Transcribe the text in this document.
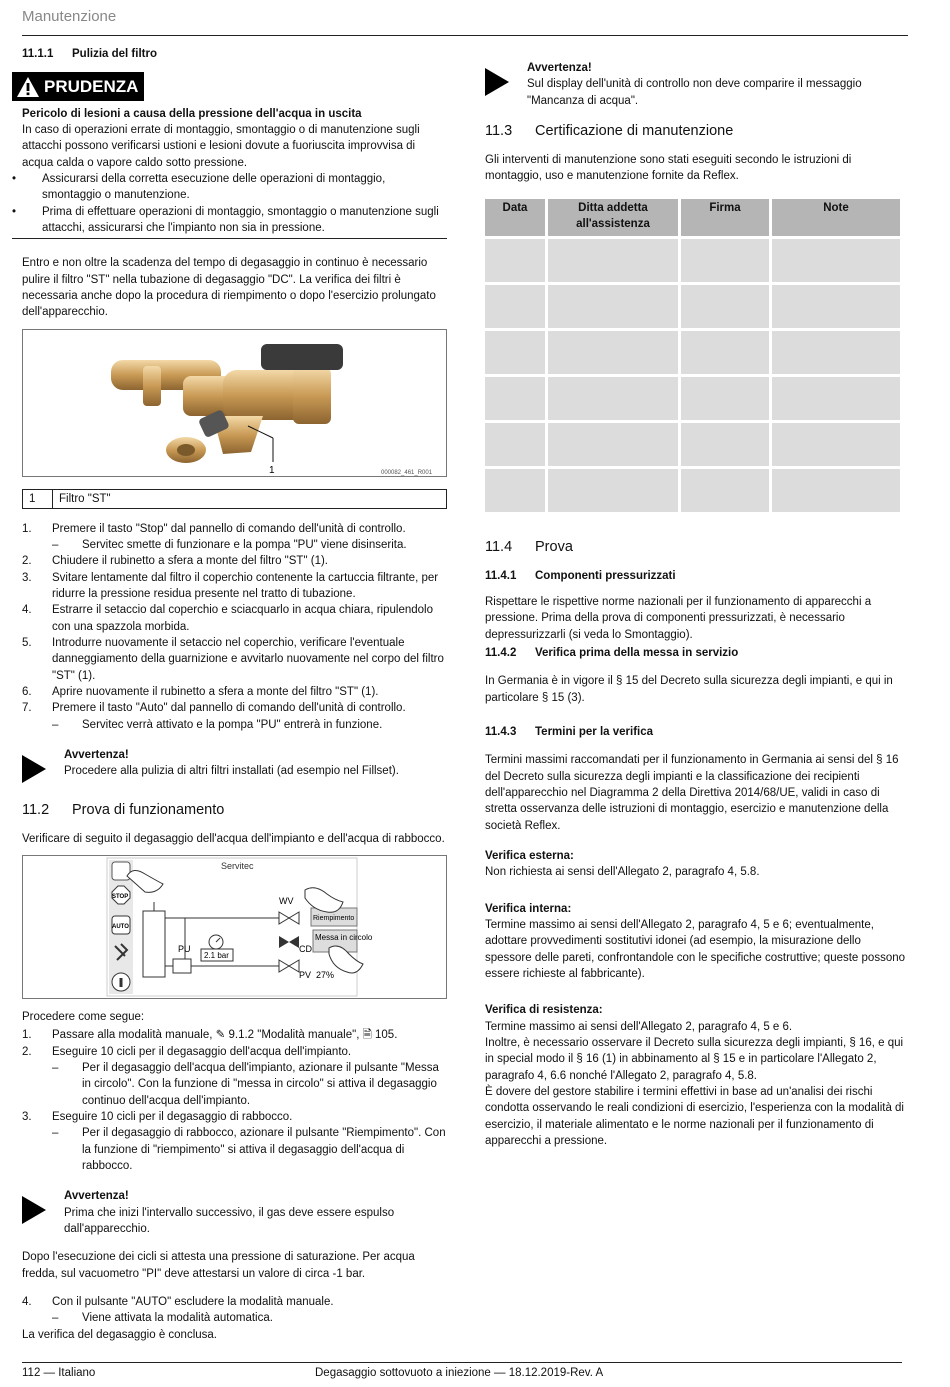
Manutenzione
11.1.1	Pulizia del filtro
PRUDENZA
Pericolo di lesioni a causa della pressione dell'acqua in uscita
In caso di operazioni errate di montaggio, smontaggio o di manutenzione sugli attacchi possono verificarsi ustioni e lesioni dovute a fuoriuscita improvvisa di acqua calda o vapore caldo sotto pressione.
•	Assicurarsi della corretta esecuzione delle operazioni di montaggio, smontaggio o manutenzione.
•	Prima di effettuare operazioni di montaggio, smontaggio o manutenzione sugli attacchi, assicurarsi che l'impianto non sia in pressione.

Entro e non oltre la scadenza del tempo di degasaggio in continuo è necessario pulire il filtro "ST" nella tubazione di degasaggio "DC". La verifica dei filtri è necessaria anche dopo la procedura di riempimento o dopo l'esercizio prolungato dell'apparecchio.

1	000082_461_R001
1	Filtro "ST"
1.	Premere il tasto "Stop" dal pannello di comando dell'unità di controllo.
–	Servitec smette di funzionare e la pompa "PU" viene disinserita.
2.	Chiudere il rubinetto a sfera a monte del filtro "ST" (1).
3.	Svitare lentamente dal filtro il coperchio contenente la cartuccia filtrante, per ridurre la pressione residua presente nel tratto di tubazione.
4.	Estrarre il setaccio dal coperchio e sciacquarlo in acqua chiara, ripulendolo con una spazzola morbida.
5.	Introdurre nuovamente il setaccio nel coperchio, verificare l'eventuale danneggiamento della guarnizione e avvitarlo nuovamente nel corpo del filtro "ST" (1).
6.	Aprire nuovamente il rubinetto a sfera a monte del filtro "ST" (1).
7.	Premere il tasto "Auto" dal pannello di comando dell'unità di controllo.
–	Servitec verrà attivato e la pompa "PU" entrerà in funzione.
Avvertenza!
Procedere alla pulizia di altri filtri installati (ad esempio nel Fillset).
11.2	Prova di funzionamento

Verificare di seguito il degasaggio dell'acqua dell'impianto e dell'acqua di rabbocco.

Servitec
STOP
AUTO
2.1 bar
PU
WV
CD
PV 27%
Riempimento
Messa in circolo

Procedere come segue:

1.	Passare alla modalità manuale, ✎ 9.1.2 "Modalità manuale", 🗎 105.
2.	Eseguire 10 cicli per il degasaggio dell'acqua dell'impianto.
–	Per il degasaggio dell'acqua dell'impianto, azionare il pulsante "Messa in circolo". Con la funzione di "messa in circolo" si attiva il degasaggio continuo dell'acqua dell'impianto.
3.	Eseguire 10 cicli per il degasaggio di rabbocco.
–	Per il degasaggio di rabbocco, azionare il pulsante "Riempimento". Con la funzione di "riempimento" si attiva il degasaggio dell'acqua di rabbocco.
Avvertenza!
Prima che inizi l'intervallo successivo, il gas deve essere espulso dall'apparecchio.

Dopo l'esecuzione dei cicli si attesta una pressione di saturazione. Per acqua fredda, sul vacuometro "PI" deve attestarsi un valore di circa -1 bar.

4.	Con il pulsante "AUTO" escludere la modalità manuale.
–	Viene attivata la modalità automatica.

La verifica del degasaggio è conclusa.

Avvertenza!
Sul display dell'unità di controllo non deve comparire il messaggio "Mancanza di acqua".
11.3	Certificazione di manutenzione

Gli interventi di manutenzione sono stati eseguiti secondo le istruzioni di montaggio, uso e manutenzione fornite da Reflex.

Data	Ditta addetta all'assistenza	Firma	Note

11.4	Prova
11.4.1	Componenti pressurizzati

Rispettare le rispettive norme nazionali per il funzionamento di apparecchi a pressione. Prima della prova di componenti pressurizzati, è necessario depressurizzarli (si veda lo Smontaggio).

11.4.2	Verifica prima della messa in servizio

In Germania è in vigore il § 15 del Decreto sulla sicurezza degli impianti, e qui in particolare § 15 (3).

11.4.3	Termini per la verifica

Termini massimi raccomandati per il funzionamento in Germania ai sensi del § 16 del Decreto sulla sicurezza degli impianti e la classificazione dei recipienti dell'apparecchio nel Diagramma 2 della Direttiva 2014/68/UE, validi in caso di stretta osservanza delle istruzioni di montaggio, esercizio e manutenzione della società Reflex.

Verifica esterna:
Non richiesta ai sensi dell'Allegato 2, paragrafo 4, 5.8.
Verifica interna:
Termine massimo ai sensi dell'Allegato 2, paragrafo 4, 5 e 6; eventualmente, adottare provvedimenti sostitutivi idonei (ad esempio, la misurazione dello spessore delle pareti, confrontandole con le specifiche costruttive; queste possono essere richieste al fabbricante).
Verifica di resistenza:
Termine massimo ai sensi dell'Allegato 2, paragrafo 4, 5 e 6.
Inoltre, è necessario osservare il Decreto sulla sicurezza degli impianti, § 16, e qui in special modo il § 16 (1) in abbinamento al § 15 e in particolare l'Allegato 2, paragrafo 4, 6.6 nonché l'Allegato 2, paragrafo 4, 5.8.
È dovere del gestore stabilire i termini effettivi in base ad un'analisi dei rischi condotta osservando le reali condizioni di esercizio, l'esperienza con la modalità di esercizio, il materiale alimentato e le norme nazionali per il funzionamento di apparecchi a pressione.
112 — Italiano	Degasaggio sottovuoto a iniezione — 18.12.2019-Rev. A
